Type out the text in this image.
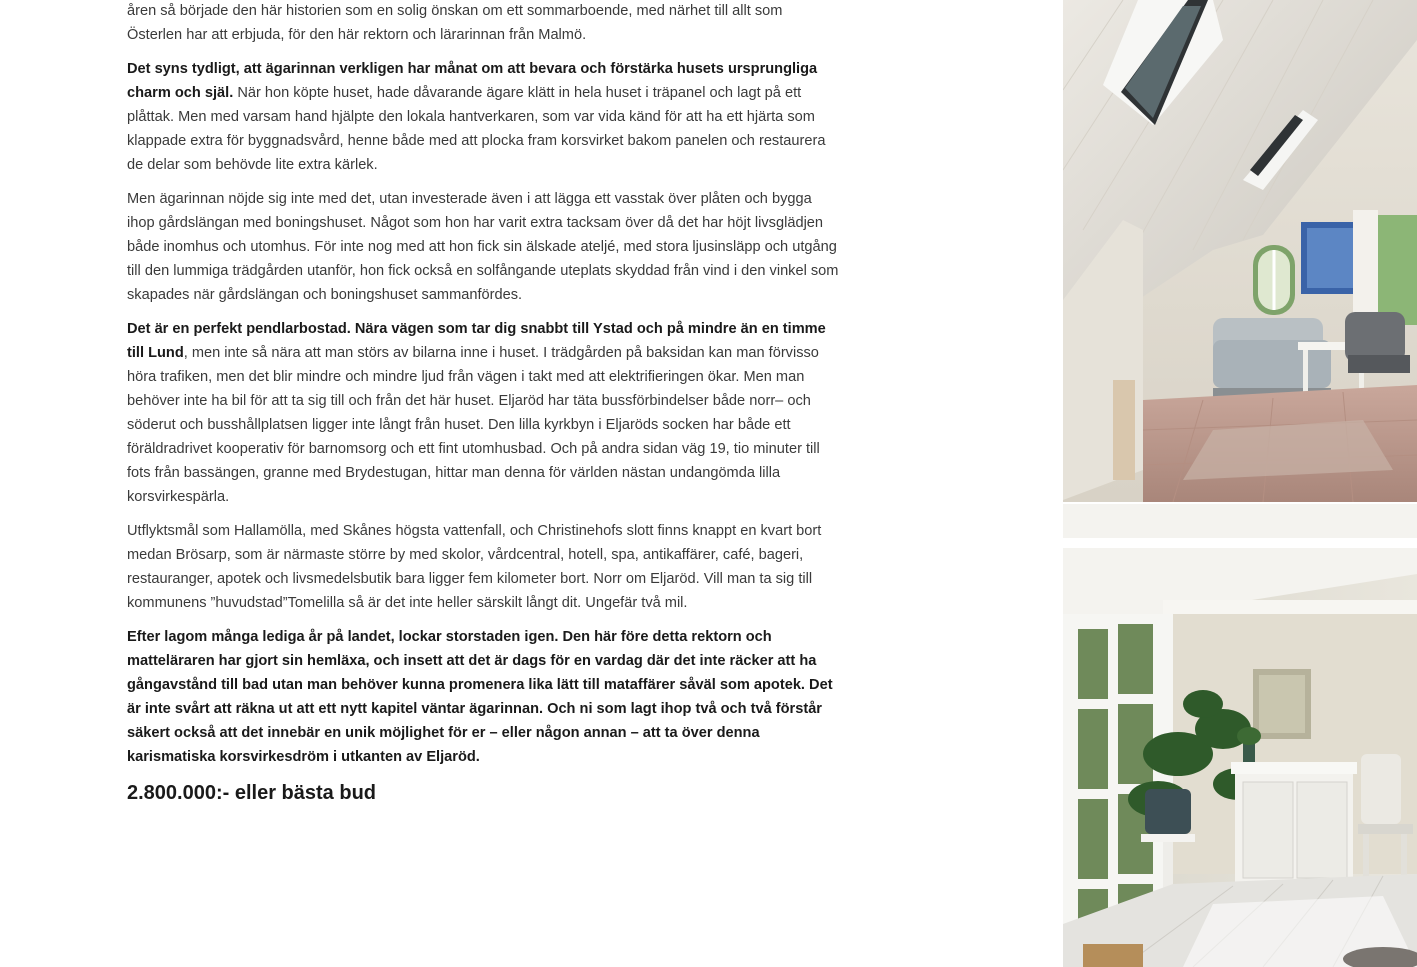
åren så började den här historien som en solig önskan om ett sommarboende, med närhet till allt som Österlen har att erbjuda, för den här rektorn och lärarinnan från Malmö.

Det syns tydligt, att ägarinnan verkligen har månat om att bevara och förstärka husets ursprungliga charm och själ. När hon köpte huset, hade dåvarande ägare klätt in hela huset i träpanel och lagt på ett plåttak. Men med varsam hand hjälpte den lokala hantverkaren, som var vida känd för att ha ett hjärta som klappade extra för byggnadsvård, henne både med att plocka fram korsvirket bakom panelen och restaurera de delar som behövde lite extra kärlek.

Men ägarinnan nöjde sig inte med det, utan investerade även i att lägga ett vasstak över plåten och bygga ihop gårdslängan med boningshuset. Något som hon har varit extra tacksam över då det har höjt livsglädjen både inomhus och utomhus. För inte nog med att hon fick sin älskade ateljé, med stora ljusinsläpp och utgång till den lummiga trädgården utanför, hon fick också en solfångande uteplats skyddad från vind i den vinkel som skapades när gårdslängan och boningshuset sammanfördes.

Det är en perfekt pendlarbostad. Nära vägen som tar dig snabbt till Ystad och på mindre än en timme till Lund, men inte så nära att man störs av bilarna inne i huset. I trädgården på baksidan kan man förvisso höra trafiken, men det blir mindre och mindre ljud från vägen i takt med att elektrifieringen ökar. Men man behöver inte ha bil för att ta sig till och från det här huset. Eljaröd har täta bussförbindelser både norr– och söderut och busshållplatsen ligger inte långt från huset. Den lilla kyrkbyn i Eljaröds socken har både ett föräldradrivet kooperativ för barnomsorg och ett fint utomhusbad. Och på andra sidan väg 19, tio minuter till fots från bassängen, granne med Brydestugan, hittar man denna för världen nästan undangömda lilla korsvirkespärla.

Utflyktsmål som Hallamölla, med Skånes högsta vattenfall, och Christinehofs slott finns knappt en kvart bort medan Brösarp, som är närmaste större by med skolor, vårdcentral, hotell, spa, antikaffärer, café, bageri, restauranger, apotek och livsmedelsbutik bara ligger fem kilometer bort. Norr om Eljaröd. Vill man ta sig till kommunens ”huvudstad”Tomelilla så är det inte heller särskilt långt dit. Ungefär två mil.

Efter lagom många lediga år på landet, lockar storstaden igen. Den här före detta rektorn och matteläraren har gjort sin hemläxa, och insett att det är dags för en vardag där det inte räcker att ha gångavstånd till bad utan man behöver kunna promenera lika lätt till mataffärer såväl som apotek. Det är inte svårt att räkna ut att ett nytt kapitel väntar ägarinnan. Och ni som lagt ihop två och två förstår säkert också att det innebär en unik möjlighet för er – eller någon annan – att ta över denna karismatiska korsvirkesdröm i utkanten av Eljaröd.

2.800.000:- eller bästa bud
